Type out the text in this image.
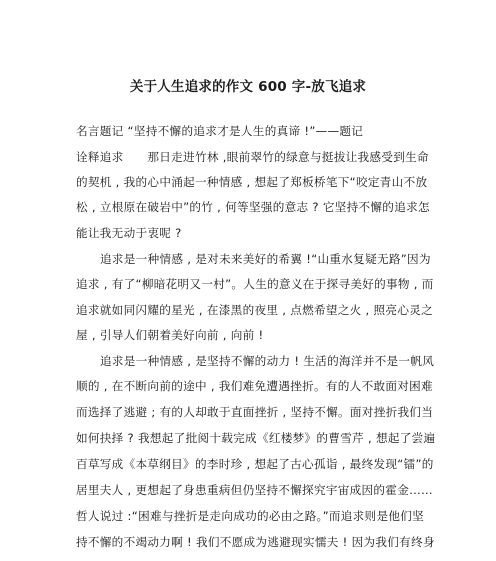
关于人生追求的作文 600 字-放飞追求
名言题记 “坚持不懈的追求才是人生的真谛 !”——题记
诠释追求　　那日走进竹林 ,眼前翠竹的绿意与挺拔让我感受到生命
的契机 , 我的心中涌起一种情感 , 想起了郑板桥笔下“咬定青山不放
松 , 立根原在破岩中”的竹 , 何等坚强的意志 ? 它坚持不懈的追求怎
能让我无动于衷呢 ?
追求是一种情感 , 是对未来美好的希翼 !“山重水复疑无路”因为
追求 , 有了“柳暗花明又一村”。人生的意义在于探寻美好的事物 , 而
追求就如同闪耀的星光 , 在漆黑的夜里 , 点燃希望之火 , 照亮心灵之
屋 , 引导人们朝着美好向前 , 向前 !
追求是一种情感 , 是坚持不懈的动力 ! 生活的海洋并不是一帆风
顺的 , 在不断向前的途中 , 我们难免遭遇挫折。有的人不敢面对困难
而选择了逃避 ; 有的人却敢于直面挫折 , 坚持不懈。面对挫折我们当
如何抉择 ? 我想起了批阅十载完成《红楼梦》的曹雪芹 , 想起了尝遍
百草写成《本草纲目》的李时珍 , 想起了古心孤诣 , 最终发现“镭”的
居里夫人 , 更想起了身患重病但仍坚持不懈探究宇宙成因的霍金……
哲人说过 :“困难与挫折是走向成功的必由之路。”而追求则是他们坚
持不懈的不竭动力啊 ! 我们不愿成为逃避现实懦夫 ! 因为我们有终身
